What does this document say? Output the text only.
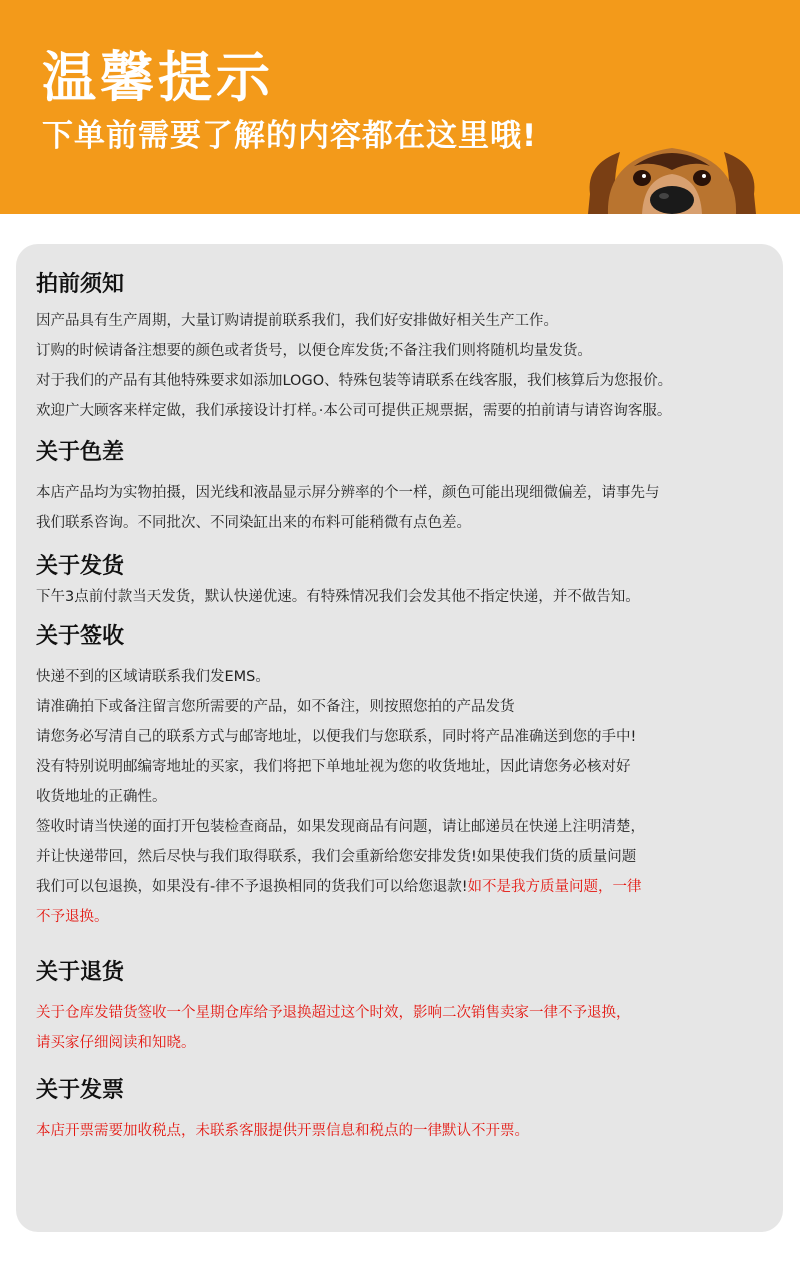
温馨提示
下单前需要了解的内容都在这里哦!
拍前须知
因产品具有生产周期，大量订购请提前联系我们，我们好安排做好相关生产工作。
订购的时候请备注想要的颜色或者货号，以便仓库发货;不备注我们则将随机均量发货。
对于我们的产品有其他特殊要求如添加LOGO、特殊包装等请联系在线客服，我们核算后为您报价。
欢迎广大顾客来样定做，我们承接设计打样。·本公司可提供正规票据，需要的拍前请与请咨询客服。
关于色差
本店产品均为实物拍摄，因光线和液晶显示屏分辨率的个一样，颜色可能出现细微偏差，请事先与
我们联系咨询。不同批次、不同染缸出来的布料可能稍微有点色差。
关于发货
下午3点前付款当天发货，默认快递优速。有特殊情况我们会发其他不指定快递，并不做告知。
关于签收
快递不到的区域请联系我们发EMS。
请准确拍下或备注留言您所需要的产品，如不备注，则按照您拍的产品发货
请您务必写清自己的联系方式与邮寄地址，以便我们与您联系，同时将产品准确送到您的手中!
没有特别说明邮编寄地址的买家，我们将把下单地址视为您的收货地址，因此请您务必核对好
收货地址的正确性。
签收时请当快递的面打开包装检查商品，如果发现商品有问题，请让邮递员在快递上注明清楚，
并让快递带回，然后尽快与我们取得联系，我们会重新给您安排发货!如果使我们货的质量问题
我们可以包退换，如果没有-律不予退换相同的货我们可以给您退款!如不是我方质量问题，一律
不予退换。
关于退货
关于仓库发错货签收一个星期仓库给予退换超过这个时效，影响二次销售卖家一律不予退换，
请买家仔细阅读和知晓。
关于发票
本店开票需要加收税点，未联系客服提供开票信息和税点的一律默认不开票。
